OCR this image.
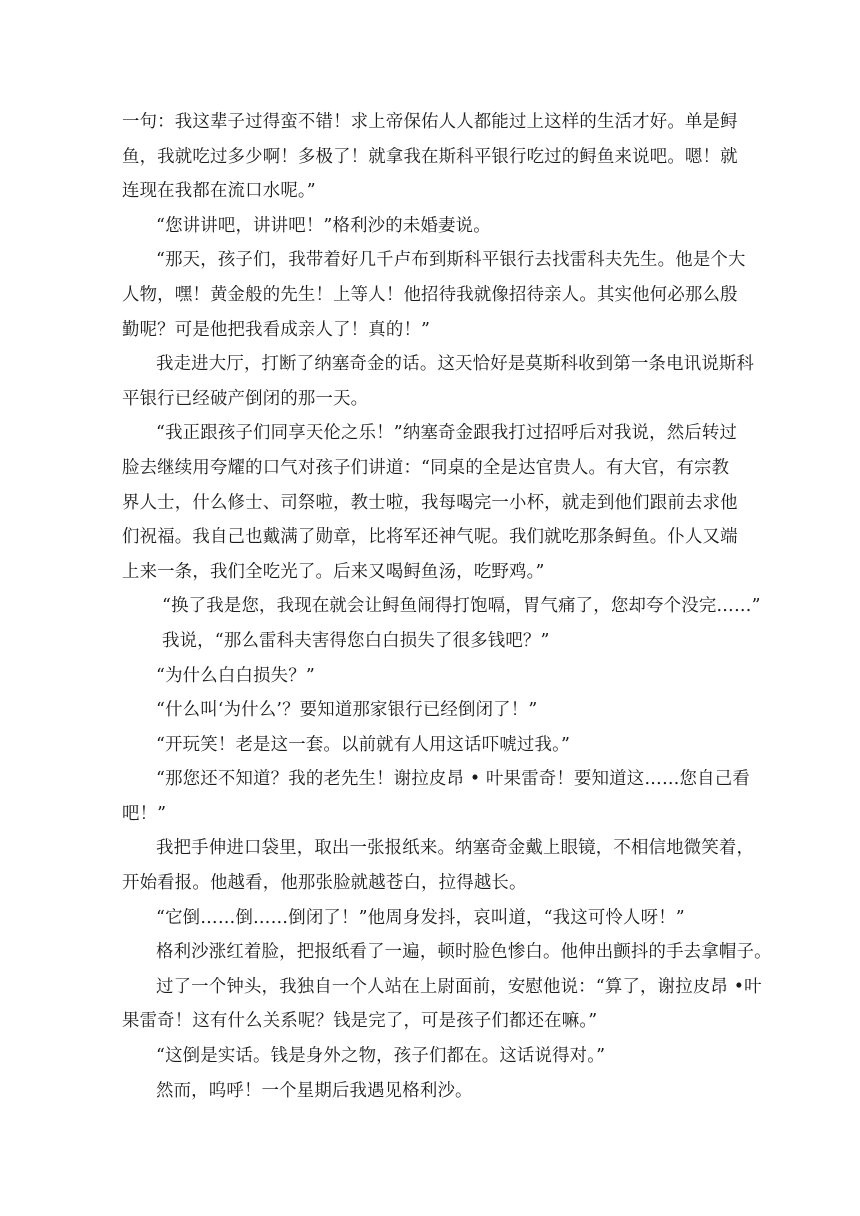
一句：我这辈子过得蛮不错！求上帝保佑人人都能过上这样的生活才好。单是鲟
鱼，我就吃过多少啊！多极了！就拿我在斯科平银行吃过的鲟鱼来说吧。嗯！就
连现在我都在流口水呢。”
“您讲讲吧，讲讲吧！”格利沙的未婚妻说。
“那天，孩子们，我带着好几千卢布到斯科平银行去找雷科夫先生。他是个大
人物，嘿！黄金般的先生！上等人！他招待我就像招待亲人。其实他何必那么殷
勤呢？可是他把我看成亲人了！真的！”
我走进大厅，打断了纳塞奇金的话。这天恰好是莫斯科收到第一条电讯说斯科
平银行已经破产倒闭的那一天。
“我正跟孩子们同享天伦之乐！”纳塞奇金跟我打过招呼后对我说，然后转过
脸去继续用夸耀的口气对孩子们讲道：“同桌的全是达官贵人。有大官，有宗教
界人士，什么修士、司祭啦，教士啦，我每喝完一小杯，就走到他们跟前去求他
们祝福。我自己也戴满了勋章，比将军还神气呢。我们就吃那条鲟鱼。仆人又端
上来一条，我们全吃光了。后来又喝鲟鱼汤，吃野鸡。”
“换了我是您，我现在就会让鲟鱼闹得打饱嗝，胃气痛了，您却夸个没完……”
我说，“那么雷科夫害得您白白损失了很多钱吧？”
“为什么白白损失？”
“什么叫‘为什么’？要知道那家银行已经倒闭了！”
“开玩笑！老是这一套。以前就有人用这话吓唬过我。”
“那您还不知道？我的老先生！谢拉皮昂 • 叶果雷奇！要知道这……您自己看
吧！”
我把手伸进口袋里，取出一张报纸来。纳塞奇金戴上眼镜，不相信地微笑着，
开始看报。他越看，他那张脸就越苍白，拉得越长。
“它倒……倒……倒闭了！”他周身发抖，哀叫道，“我这可怜人呀！”
格利沙涨红着脸，把报纸看了一遍，顿时脸色惨白。他伸出颤抖的手去拿帽子。
过了一个钟头，我独自一个人站在上尉面前，安慰他说：“算了，谢拉皮昂 •叶
果雷奇！这有什么关系呢？钱是完了，可是孩子们都还在嘛。”
“这倒是实话。钱是身外之物，孩子们都在。这话说得对。”
然而，呜呼！一个星期后我遇见格利沙。
